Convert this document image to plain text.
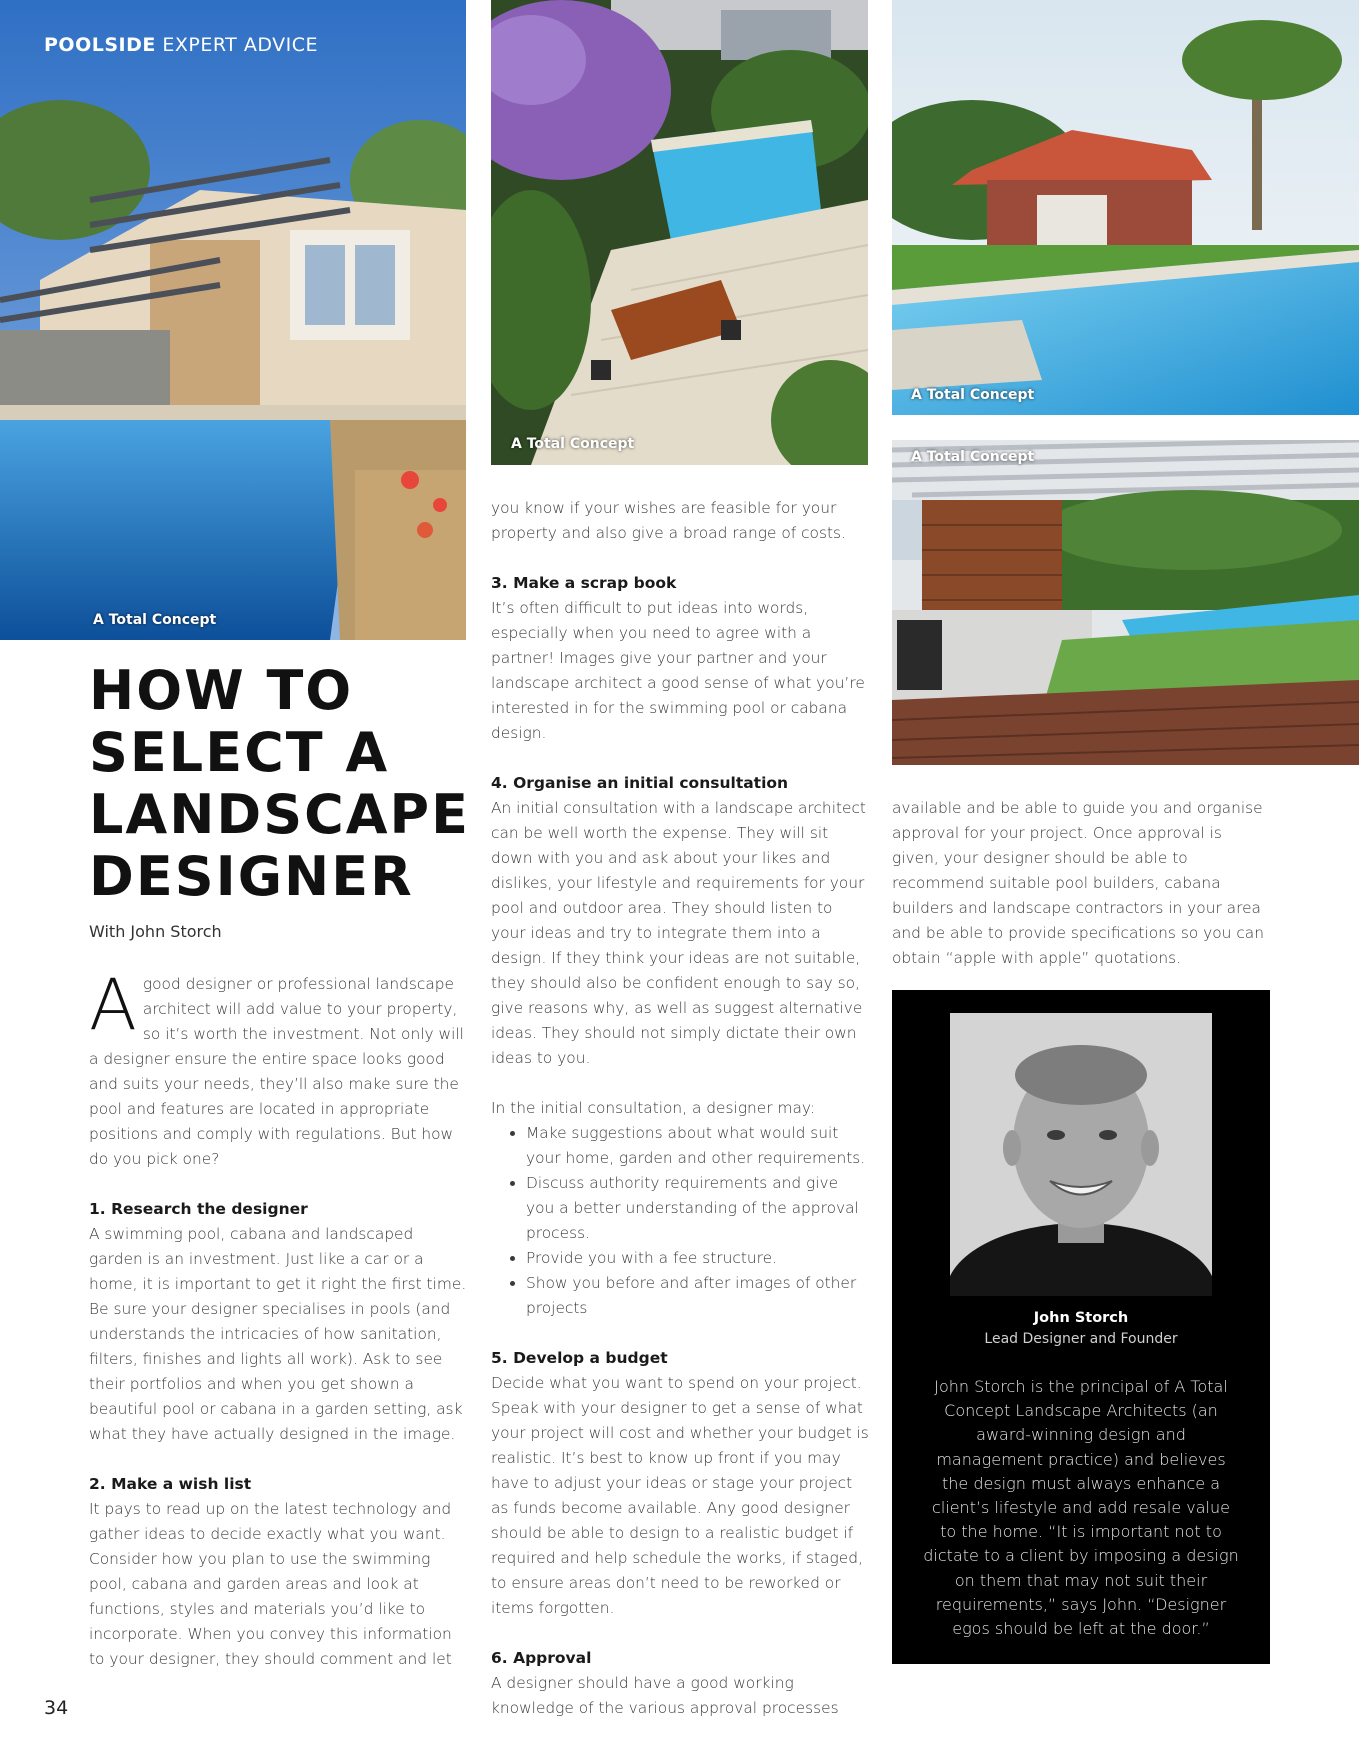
A Total Concept
POOLSIDE EXPERT ADVICE
A Total Concept
A Total Concept
A Total Concept
HOW TO
SELECT A
LANDSCAPE
DESIGNER
With John Storch

Agood designer or professional landscape architect will add value to your property, so it’s worth the investment. Not only will a designer ensure the entire space looks good and suits your needs, they’ll also make sure the pool and features are located in appropriate positions and comply with regulations. But how do you pick one?

1. Research the designer

A swimming pool, cabana and landscaped garden is an investment. Just like a car or a home, it is important to get it right the first time. Be sure your designer specialises in pools (and understands the intricacies of how sanitation, filters, finishes and lights all work). Ask to see their portfolios and when you get shown a beautiful pool or cabana in a garden setting, ask what they have actually designed in the image.

2. Make a wish list

It pays to read up on the latest technology and gather ideas to decide exactly what you want. Consider how you plan to use the swimming pool, cabana and garden areas and look at functions, styles and materials you’d like to incorporate. When you convey this information to your designer, they should comment and let

you know if your wishes are feasible for your property and also give a broad range of costs.

3. Make a scrap book

It’s often difficult to put ideas into words, especially when you need to agree with a partner! Images give your partner and your landscape architect a good sense of what you’re interested in for the swimming pool or cabana design.

4. Organise an initial consultation

An initial consultation with a landscape architect can be well worth the expense. They will sit down with you and ask about your likes and dislikes, your lifestyle and requirements for your pool and outdoor area. They should listen to your ideas and try to integrate them into a design. If they think your ideas are not suitable, they should also be confident enough to say so, give reasons why, as well as suggest alternative ideas. They should not simply dictate their own ideas to you.

In the initial consultation, a designer may:
• Make suggestions about what would suit your home, garden and other requirements.
• Discuss authority requirements and give you a better understanding of the approval process.
• Provide you with a fee structure.
• Show you before and after images of other projects
5. Develop a budget

Decide what you want to spend on your project. Speak with your designer to get a sense of what your project will cost and whether your budget is realistic. It’s best to know up front if you may have to adjust your ideas or stage your project as funds become available. Any good designer should be able to design to a realistic budget if required and help schedule the works, if staged, to ensure areas don’t need to be reworked or items forgotten.

6. Approval

A designer should have a good working knowledge of the various approval processes

available and be able to guide you and organise approval for your project. Once approval is given, your designer should be able to recommend suitable pool builders, cabana builders and landscape contractors in your area and be able to provide specifications so you can obtain “apple with apple” quotations.

John Storch
Lead Designer and Founder
John Storch is the principal of A Total Concept Landscape Architects (an award-winning design and management practice) and believes the design must always enhance a client’s lifestyle and add resale value to the home. “It is important not to dictate to a client by imposing a design on them that may not suit their requirements,” says John. “Designer egos should be left at the door.”
34
